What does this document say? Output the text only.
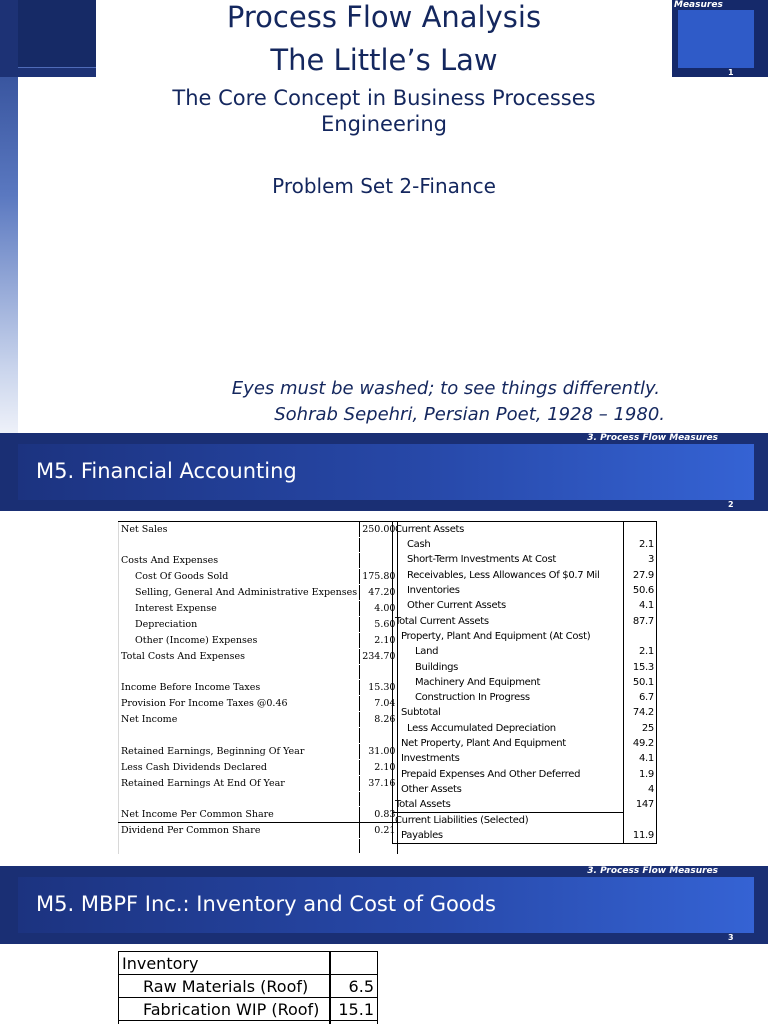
Measures
1
Process Flow Analysis
The Little’s Law
The Core Concept in Business Processes Engineering
Problem Set 2-Finance
Eyes must be washed; to see things differently.
Sohrab Sepehri, Persian Poet, 1928 – 1980.
3. Process Flow Measures
M5. Financial Accounting
2
Net Sales	250.00

Costs And Expenses	
Cost Of Goods Sold	175.80
Selling, General And Administrative Expenses	47.20
Interest Expense	4.00
Depreciation	5.60
Other (Income) Expenses	2.10
Total Costs And Expenses	234.70

Income Before Income Taxes	15.30
Provision For Income Taxes @0.46	7.04
Net Income	8.26

Retained Earnings, Beginning Of Year	31.00
Less Cash Dividends Declared	2.10
Retained Earnings At End Of Year	37.16

Net Income Per Common Share	0.83
Dividend Per Common Share	0.21

Current Assets	
Cash	2.1
Short-Term Investments At Cost	3
Receivables, Less Allowances Of $0.7 Mil	27.9
Inventories	50.6
Other Current Assets	4.1
Total Current Assets	87.7
Property, Plant And Equipment (At Cost)	
Land	2.1
Buildings	15.3
Machinery And Equipment	50.1
Construction In Progress	6.7
Subtotal	74.2
Less Accumulated Depreciation	25
Net Property, Plant And Equipment	49.2
Investments	4.1
Prepaid Expenses And Other Deferred	1.9
Other Assets	4
Total Assets	147
Current Liabilities (Selected)	
Payables	11.9
3. Process Flow Measures
M5. MBPF Inc.: Inventory and Cost of Goods
3
Inventory	
Raw Materials (Roof)	6.5
Fabrication WIP (Roof)	15.1
